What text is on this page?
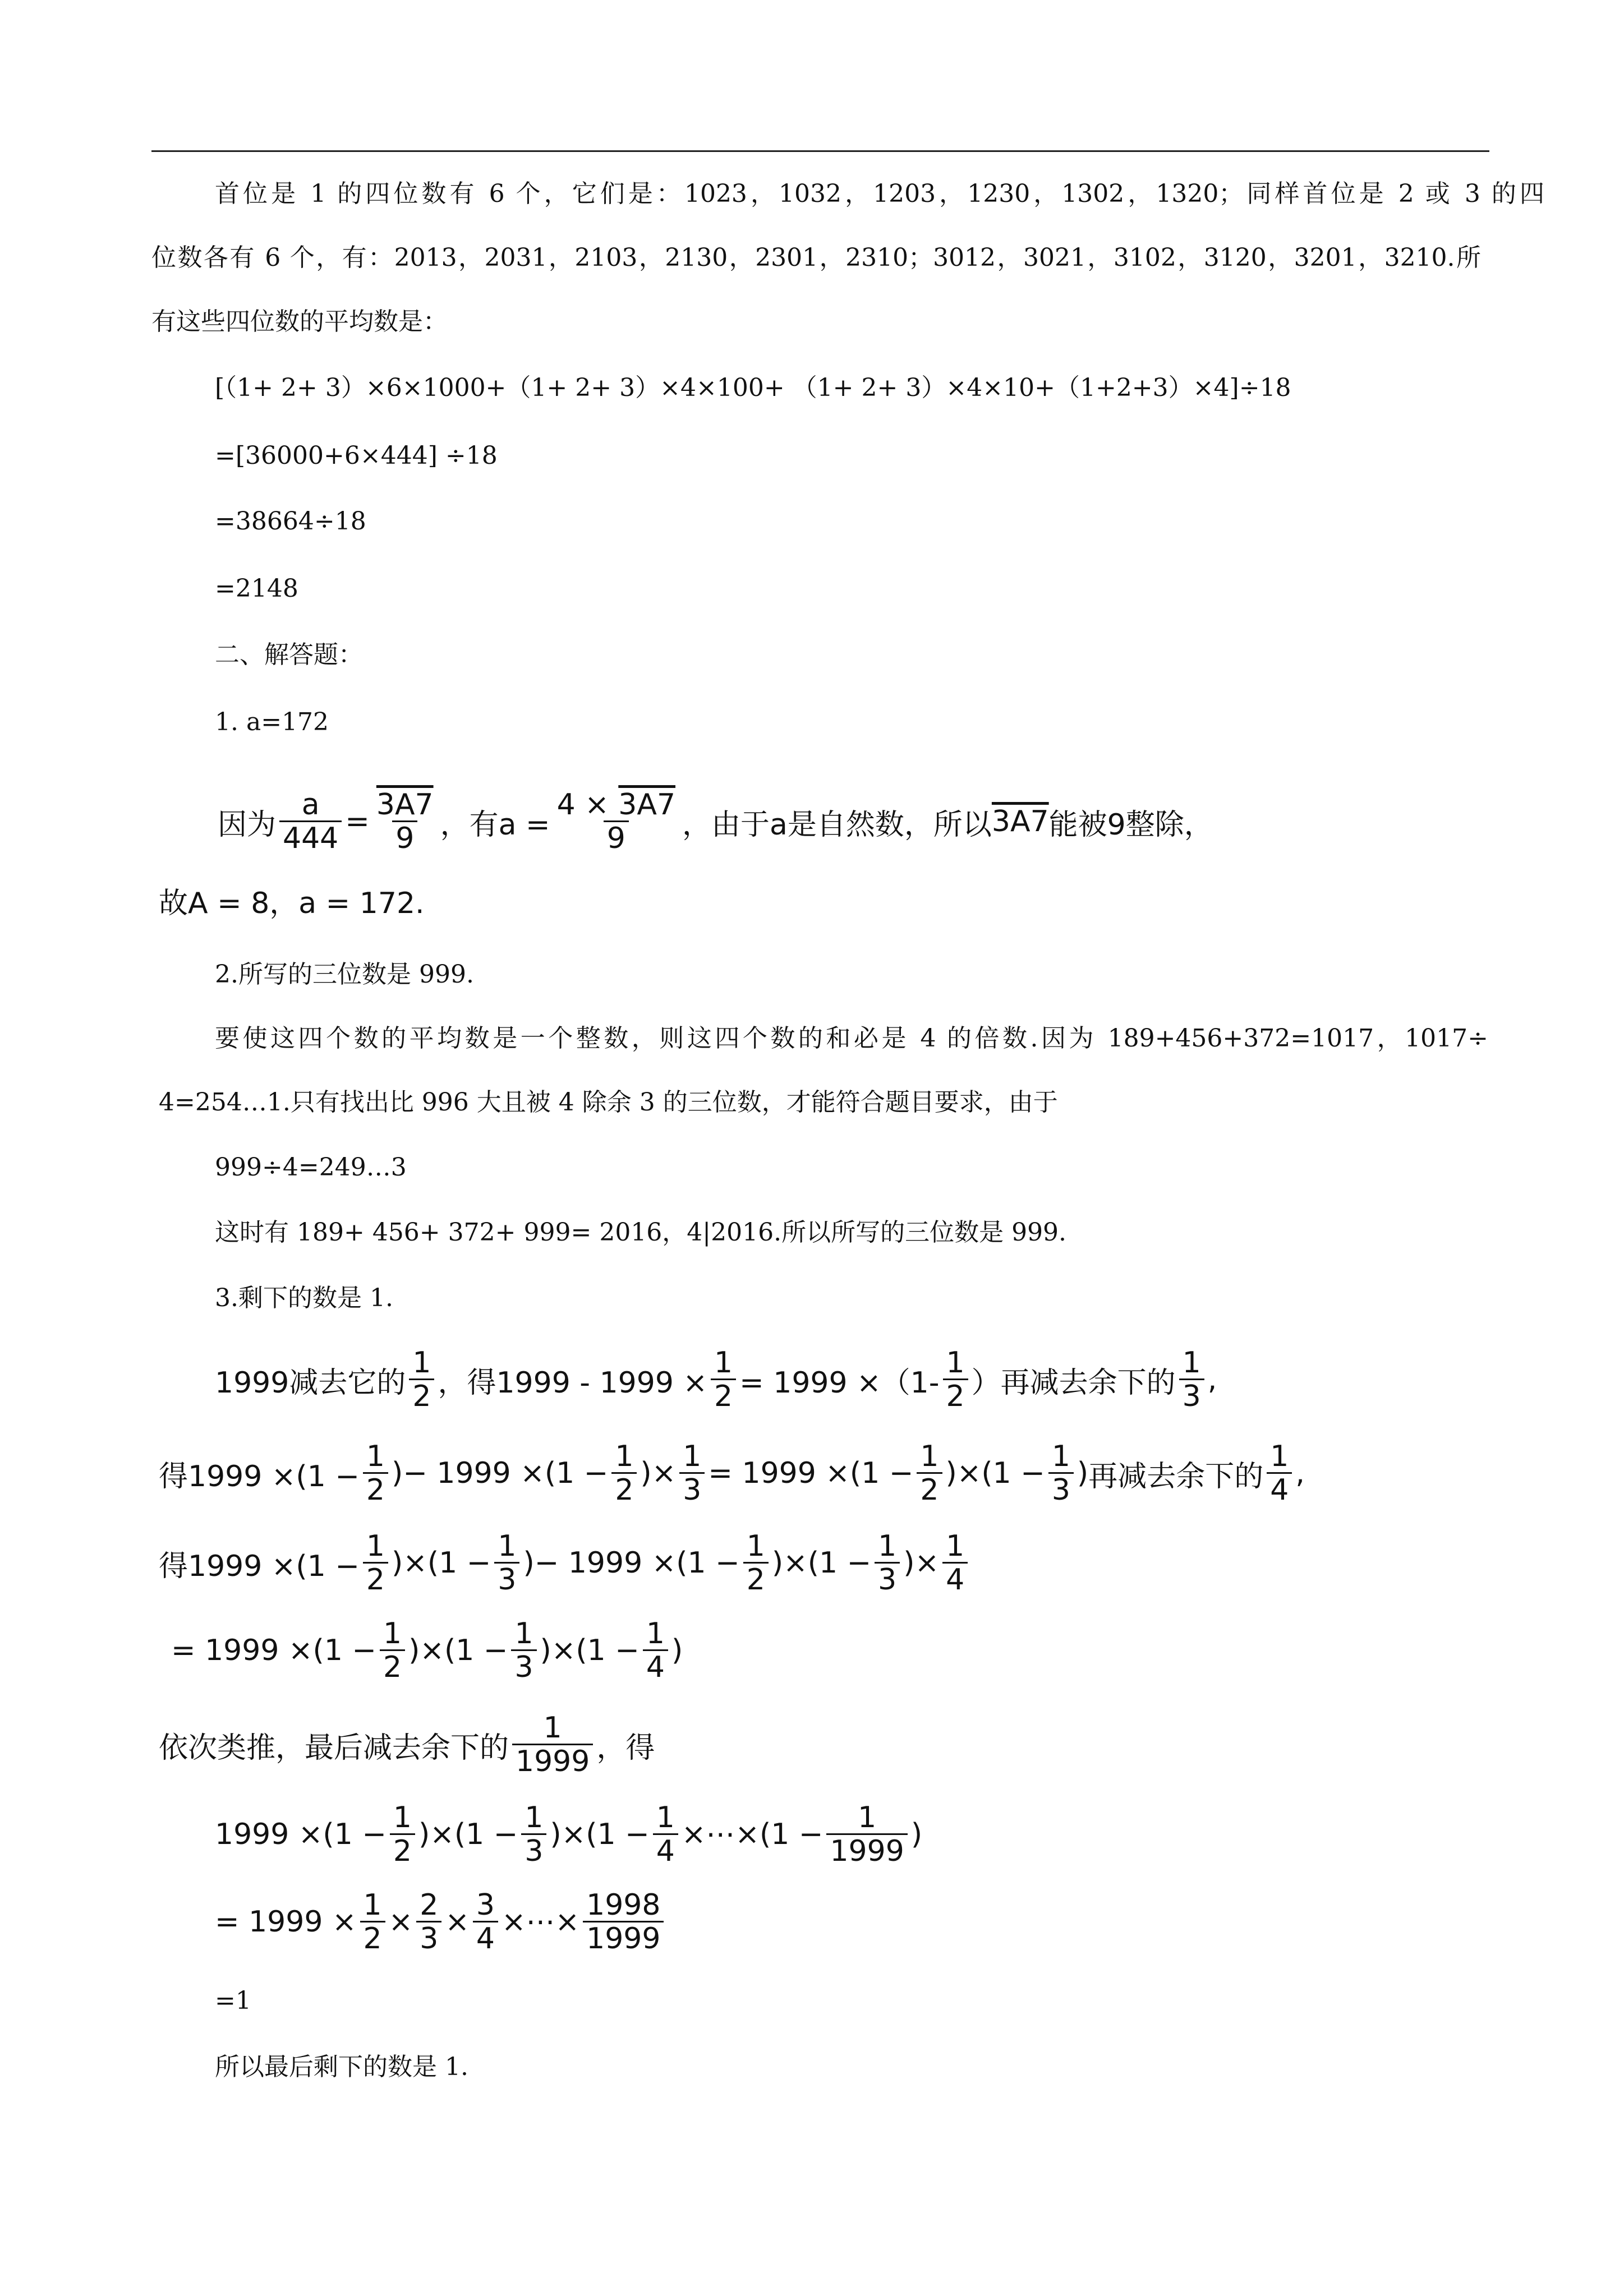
首位是 1 的四位数有 6 个，它们是：1023，1032，1203，1230，1302，1320；同样首位是 2 或 3 的四
位数各有 6 个，有：2013，2031，2103，2130，2301，2310；3012，3021，3102，3120，3201，3210.所
有这些四位数的平均数是：
[（1+ 2+ 3）×6×1000+（1+ 2+ 3）×4×100+ （1+ 2+ 3）×4×10+（1+2+3）×4]÷18
=[36000+6×444] ÷18
=38664÷18
=2148
二、解答题：
1. a=172
因为 $\frac{a}{444} = \frac{3A7}{9}$ ，有$a = \frac{4 \times 3A7}{9}$ ，由于a是自然数，所以 3A7 能被9整除，
故A = 8，a = 172.
2.所写的三位数是 999.
要使这四个数的平均数是一个整数，则这四个数的和必是 4 的倍数.因为 189+456+372=1017，1017÷
4=254…1.只有找出比 996 大且被 4 除余 3 的三位数，才能符合题目要求，由于
999÷4=249…3
这时有 189+ 456+ 372+ 999= 2016，4|2016.所以所写的三位数是 999.
3.剩下的数是 1.
1999减去它的 $\frac{1}{2}$ ，得$1999 - 1999 \times \frac{1}{2} = 1999 \times(1- \frac{1}{2}$ ）再减去余下的 $\frac{1}{3}$ ,
得$1999 \times(1 - \frac{1}{2}$ ) − $1999 \times(1 - \frac{1}{2}$ ) × $\frac{1}{3} = 1999 \times(1 - \frac{1}{2} )\times(1 - \frac{1}{3}$ ) 再减去余下的 $\frac{1}{4}$ ,
得$1999 \times(1 - \frac{1}{2} )\times(1 - \frac{1}{3}$ ) − $1999 \times(1 - \frac{1}{2} )\times(1 - \frac{1}{3}$ ) × $\frac{1}{4}$
= $1999 \times(1 - \frac{1}{2} )\times(1 - \frac{1}{3} )\times(1 - \frac{1}{4}$ )
依次类推，最后减去余下的 $\frac{1}{1999}$ ，得
$1999 \times(1 - \frac{1}{2} )\times(1 - \frac{1}{3} )\times(1 - \frac{1}{4}$ ×⋯×(1 − $\frac{1}{1999}$ )
= $1999 \times \frac{1}{2} \times \frac{2}{3} \times \frac{3}{4}$ ×⋯× $\frac{1998}{1999}$
=1
所以最后剩下的数是 1.
